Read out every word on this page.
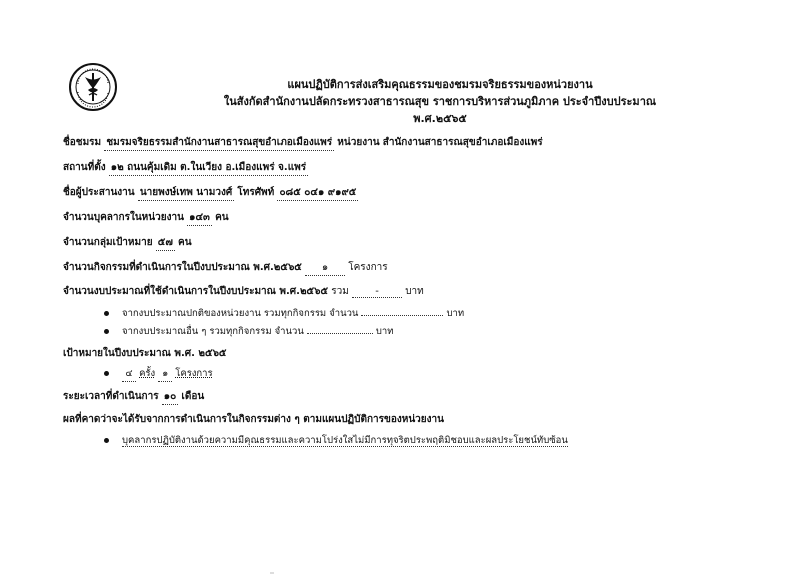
แผนปฏิบัติการส่งเสริมคุณธรรมของชมรมจริยธรรมของหน่วยงาน
ในสังกัดสำนักงานปลัดกระทรวงสาธารณสุข ราชการบริหารส่วนภูมิภาค ประจำปีงบประมาณ พ.ศ.๒๕๖๕
ชื่อชมรม ชมรมจริยธรรมสำนักงานสาธารณสุขอำเภอเมืองแพร่ หน่วยงาน สำนักงานสาธารณสุขอำเภอเมืองแพร่
สถานที่ตั้ง ๑๒ ถนนคุ้มเดิม ต.ในเวียง อ.เมืองแพร่ จ.แพร่
ชื่อผู้ประสานงาน นายพงษ์เทพ นามวงศ์ โทรศัพท์ ๐๘๕ ๐๔๑ ๙๑๙๕
จำนวนบุคลากรในหน่วยงาน ๑๔๓ คน
จำนวนกลุ่มเป้าหมาย ๕๗ คน
จำนวนกิจกรรมที่ดำเนินการในปีงบประมาณ พ.ศ.๒๕๖๕ ๑ โครงการ
จำนวนงบประมาณที่ใช้ดำเนินการในปีงบประมาณ พ.ศ.๒๕๖๕ รวม	-	บาท
จากงบประมาณปกติของหน่วยงาน รวมทุกกิจกรรม จำนวน	บาท
จากงบประมาณอื่น ๆ รวมทุกกิจกรรม จำนวน	บาท
เป้าหมายในปีงบประมาณ พ.ศ. ๒๕๖๕
๔ ครั้ง ๑ โครงการ
ระยะเวลาที่ดำเนินการ ๑๐ เดือน
ผลที่คาดว่าจะได้รับจากการดำเนินการในกิจกรรมต่าง ๆ ตามแผนปฏิบัติการของหน่วยงาน
บุคลากรปฏิบัติงานด้วยความมีคุณธรรมและความโปร่งใสไม่มีการทุจริตประพฤติมิชอบและผลประโยชน์ทับซ้อน
